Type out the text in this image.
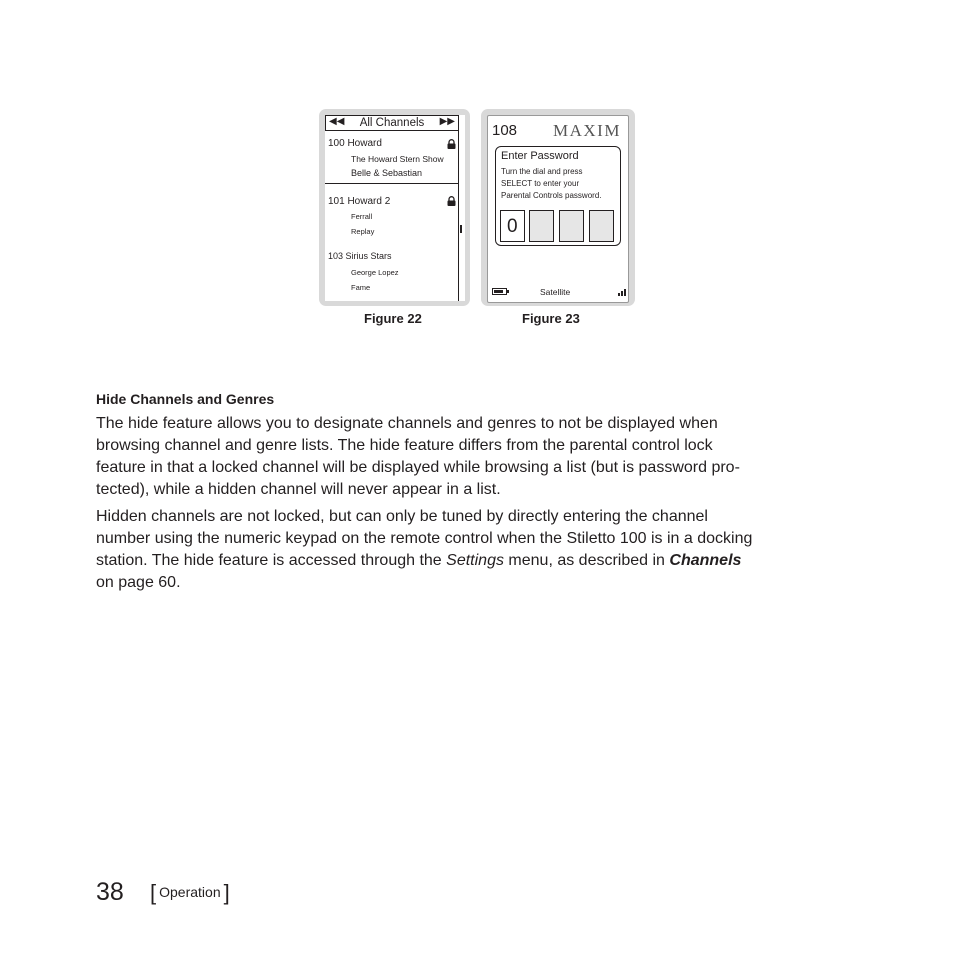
◀◀	All Channels	▶▶
100 Howard
The Howard Stern Show
Belle & Sebastian
101 Howard 2
Ferrall
Replay
103 Sirius Stars
George Lopez
Fame
Figure 22
108 MAXIM
Enter Password
Turn the dial and press
SELECT to enter your
Parental Controls password.
0
Satellite
Figure 23
Hide Channels and Genres
The hide feature allows you to designate channels and genres to not be displayed when
browsing channel and genre lists. The hide feature differs from the parental control lock
feature in that a locked channel will be displayed while browsing a list (but is password pro-
tected), while a hidden channel will never appear in a list.
Hidden channels are not locked, but can only be tuned by directly entering the channel
number using the numeric keypad on the remote control when the Stiletto 100 is in a docking
station. The hide feature is accessed through the Settings menu, as described in Channels
on page 60.
38 [ Operation ]
